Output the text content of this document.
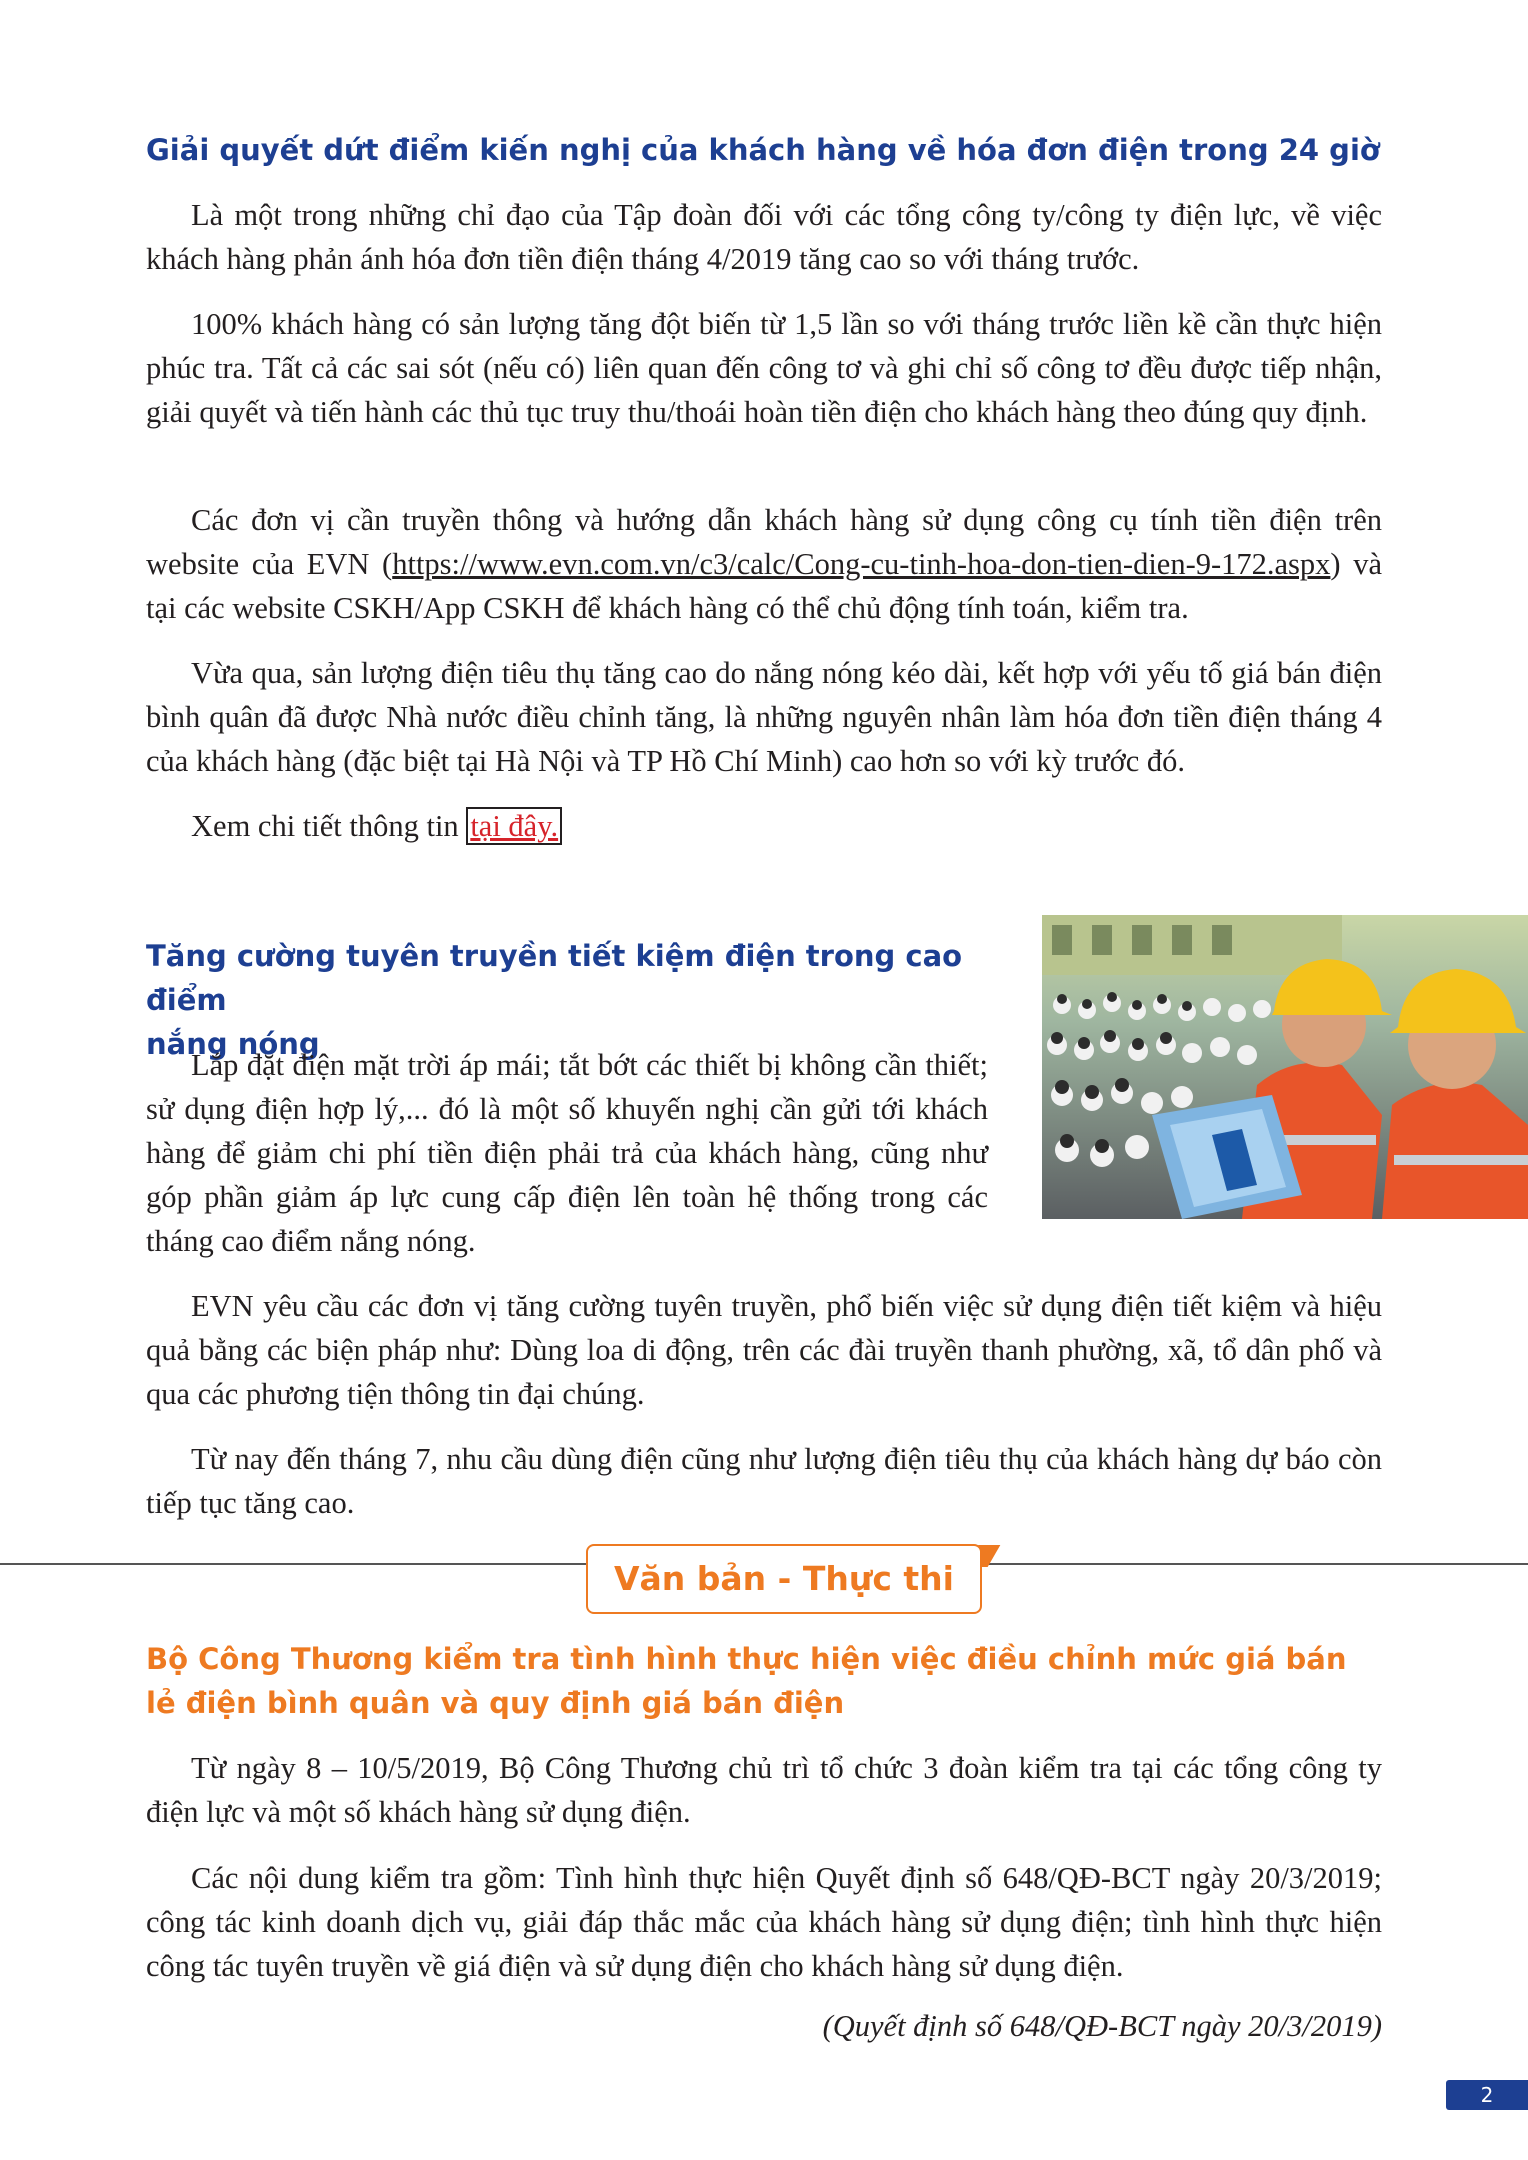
Giải quyết dứt điểm kiến nghị của khách hàng về hóa đơn điện trong 24 giờ

Là một trong những chỉ đạo của Tập đoàn đối với các tổng công ty/công ty điện lực, về việc khách hàng phản ánh hóa đơn tiền điện tháng 4/2019 tăng cao so với tháng trước.

100% khách hàng có sản lượng tăng đột biến từ 1,5 lần so với tháng trước liền kề cần thực hiện phúc tra. Tất cả các sai sót (nếu có) liên quan đến công tơ và ghi chỉ số công tơ đều được tiếp nhận, giải quyết và tiến hành các thủ tục truy thu/thoái hoàn tiền điện cho khách hàng theo đúng quy định.

Các đơn vị cần truyền thông và hướng dẫn khách hàng sử dụng công cụ tính tiền điện trên website của EVN (https://www.evn.com.vn/c3/calc/Cong-cu-tinh-hoa-don-tien-dien-9-172.aspx) và tại các website CSKH/App CSKH để khách hàng có thể chủ động tính toán, kiểm tra.

Vừa qua, sản lượng điện tiêu thụ tăng cao do nắng nóng kéo dài, kết hợp với yếu tố giá bán điện bình quân đã được Nhà nước điều chỉnh tăng, là những nguyên nhân làm hóa đơn tiền điện tháng 4 của khách hàng (đặc biệt tại Hà Nội và TP Hồ Chí Minh) cao hơn so với kỳ trước đó.

Xem chi tiết thông tin tại đây.

Tăng cường tuyên truyền tiết kiệm điện trong cao điểm
nắng nóng

Lắp đặt điện mặt trời áp mái; tắt bớt các thiết bị không cần thiết; sử dụng điện hợp lý,... đó là một số khuyến nghị cần gửi tới khách hàng để giảm chi phí tiền điện phải trả của khách hàng, cũng như góp phần giảm áp lực cung cấp điện lên toàn hệ thống trong các tháng cao điểm nắng nóng.

EVN yêu cầu các đơn vị tăng cường tuyên truyền, phổ biến việc sử dụng điện tiết kiệm và hiệu quả bằng các biện pháp như: Dùng loa di động, trên các đài truyền thanh phường, xã, tổ dân phố và qua các phương tiện thông tin đại chúng.

Từ nay đến tháng 7, nhu cầu dùng điện cũng như lượng điện tiêu thụ của khách hàng dự báo còn tiếp tục tăng cao.

Văn bản - Thực thi
Bộ Công Thương kiểm tra tình hình thực hiện việc điều chỉnh mức giá bán lẻ điện bình quân và quy định giá bán điện

Từ ngày 8 – 10/5/2019, Bộ Công Thương chủ trì tổ chức 3 đoàn kiểm tra tại các tổng công ty điện lực và một số khách hàng sử dụng điện.

Các nội dung kiểm tra gồm: Tình hình thực hiện Quyết định số 648/QĐ-BCT ngày 20/3/2019; công tác kinh doanh dịch vụ, giải đáp thắc mắc của khách hàng sử dụng điện; tình hình thực hiện công tác tuyên truyền về giá điện và sử dụng điện cho khách hàng sử dụng điện.

(Quyết định số 648/QĐ-BCT ngày 20/3/2019)

2
